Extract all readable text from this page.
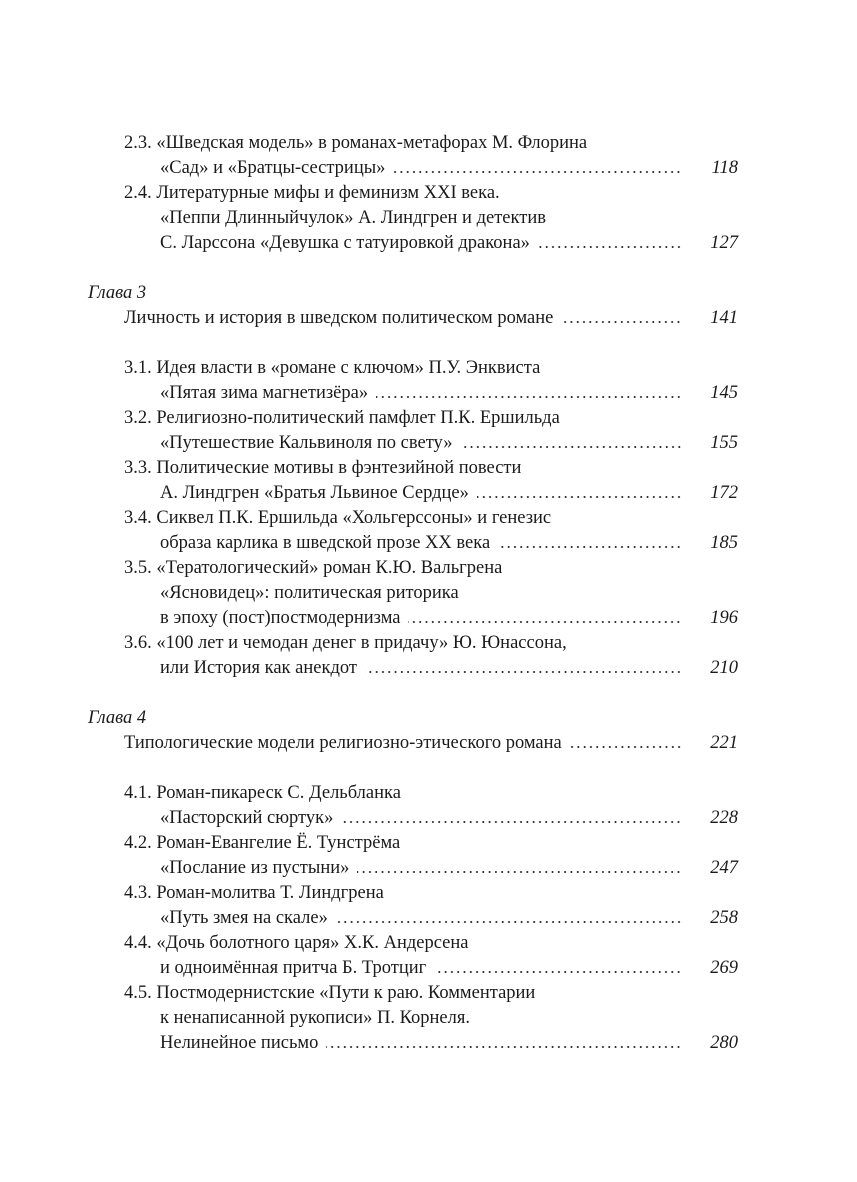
2.3. «Шведская модель» в романах-метафорах М. Флорина
«Сад» и «Братцы-сестрицы»	118
2.4. Литературные мифы и феминизм XXI века.
«Пеппи Длинныйчулок» А. Линдгрен и детектив
С. Ларссона «Девушка с татуировкой дракона»	127
Глава 3
Личность и история в шведском политическом романе	141
3.1. Идея власти в «романе с ключом» П.У. Энквиста
«Пятая зима магнетизёра»	145
3.2. Религиозно-политический памфлет П.К. Ершильда
«Путешествие Кальвиноля по свету»	155
3.3. Политические мотивы в фэнтезийной повести
А. Линдгрен «Братья Львиное Сердце»	172
3.4. Сиквел П.К. Ершильда «Хольгерссоны» и генезис
образа карлика в шведской прозе XX века	185
3.5. «Тератологический» роман К.Ю. Вальгрена
«Ясновидец»: политическая риторика
в эпоху (пост)постмодернизма	196
3.6. «100 лет и чемодан денег в придачу» Ю. Юнассона,
или История как анекдот	210
Глава 4
Типологические модели религиозно-этического романа	221
4.1. Роман-пикареск С. Дельбланка
«Пасторский сюртук»	228
4.2. Роман-Евангелие Ё. Тунстрёма
«Послание из пустыни»	247
4.3. Роман-молитва Т. Линдгрена
«Путь змея на скале»	258
4.4. «Дочь болотного царя» Х.К. Андерсена
и одноимённая притча Б. Тротциг	269
4.5. Постмодернистские «Пути к раю. Комментарии
к ненаписанной рукописи» П. Корнеля.
Нелинейное письмо	280
